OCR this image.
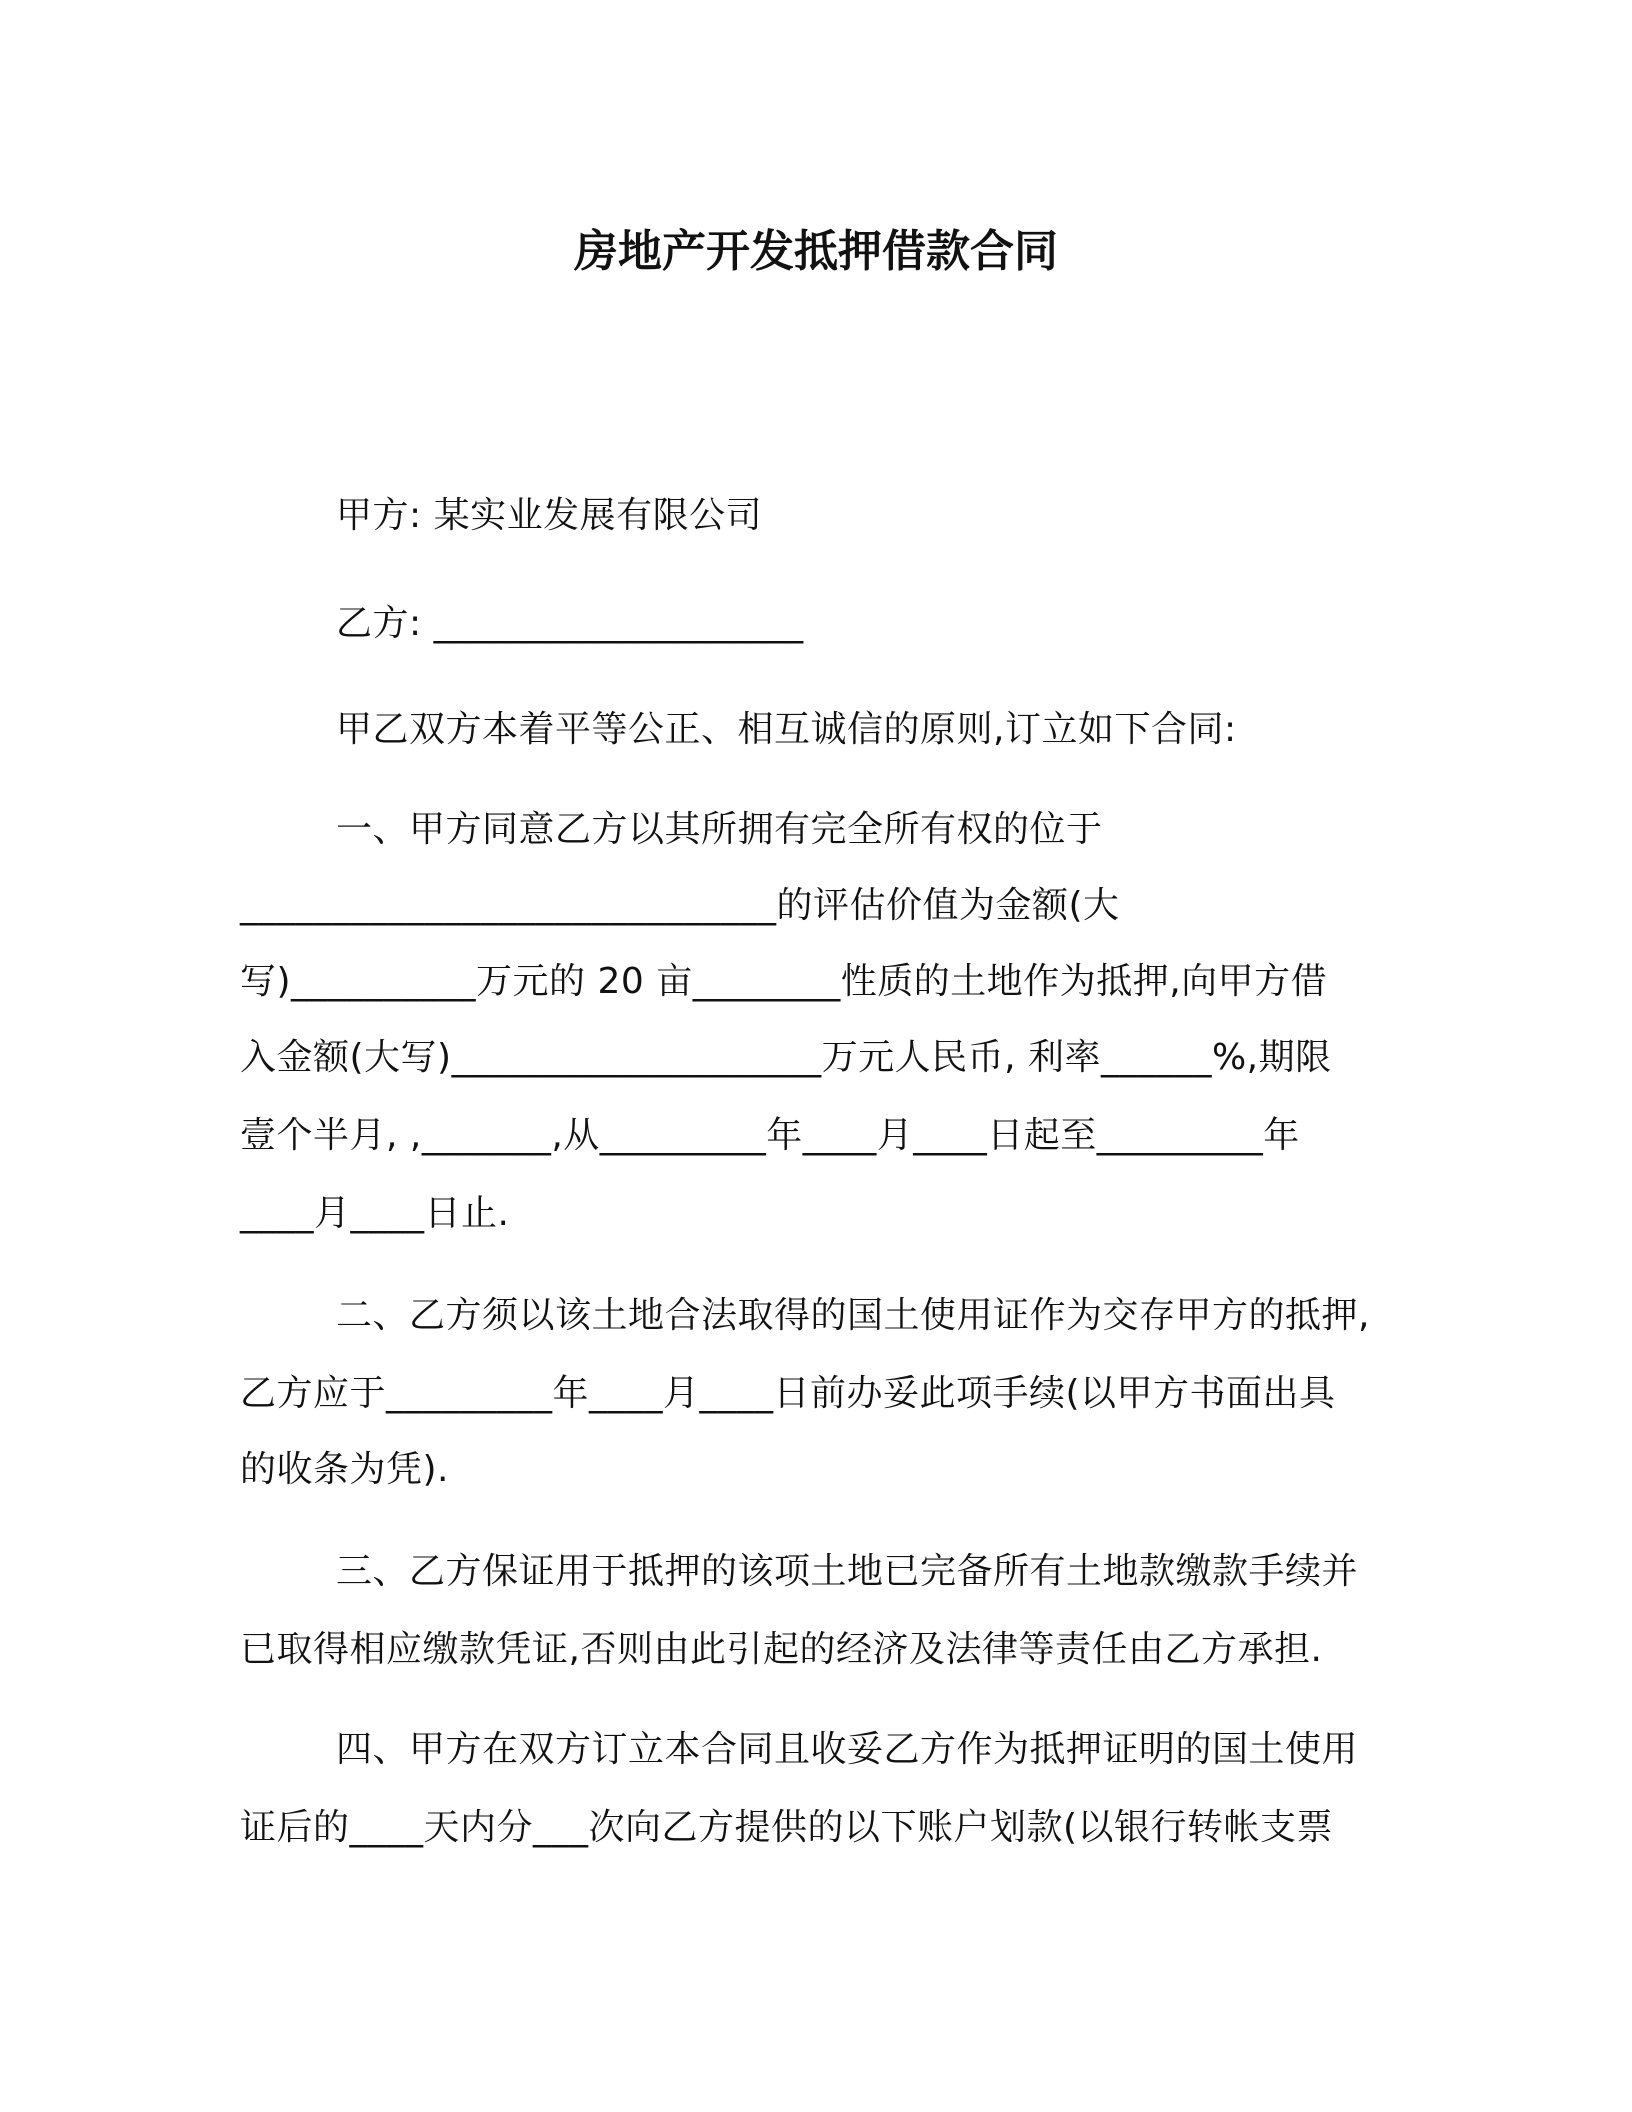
房地产开发抵押借款合同
甲方: 某实业发展有限公司
乙方: ____________________
甲乙双方本着平等公正、相互诚信的原则,订立如下合同:
一、甲方同意乙方以其所拥有完全所有权的位于
_____________________________的评估价值为金额(大
写)__________万元的 20 亩________性质的土地作为抵押,向甲方借
入金额(大写)____________________万元人民币, 利率______%,期限
壹个半月, ,_______,从_________年____月____日起至_________年
____月____日止.
二、乙方须以该土地合法取得的国土使用证作为交存甲方的抵押,
乙方应于_________年____月____日前办妥此项手续(以甲方书面出具
的收条为凭).
三、乙方保证用于抵押的该项土地已完备所有土地款缴款手续并
已取得相应缴款凭证,否则由此引起的经济及法律等责任由乙方承担.
四、甲方在双方订立本合同且收妥乙方作为抵押证明的国土使用
证后的____天内分___次向乙方提供的以下账户划款(以银行转帐支票
